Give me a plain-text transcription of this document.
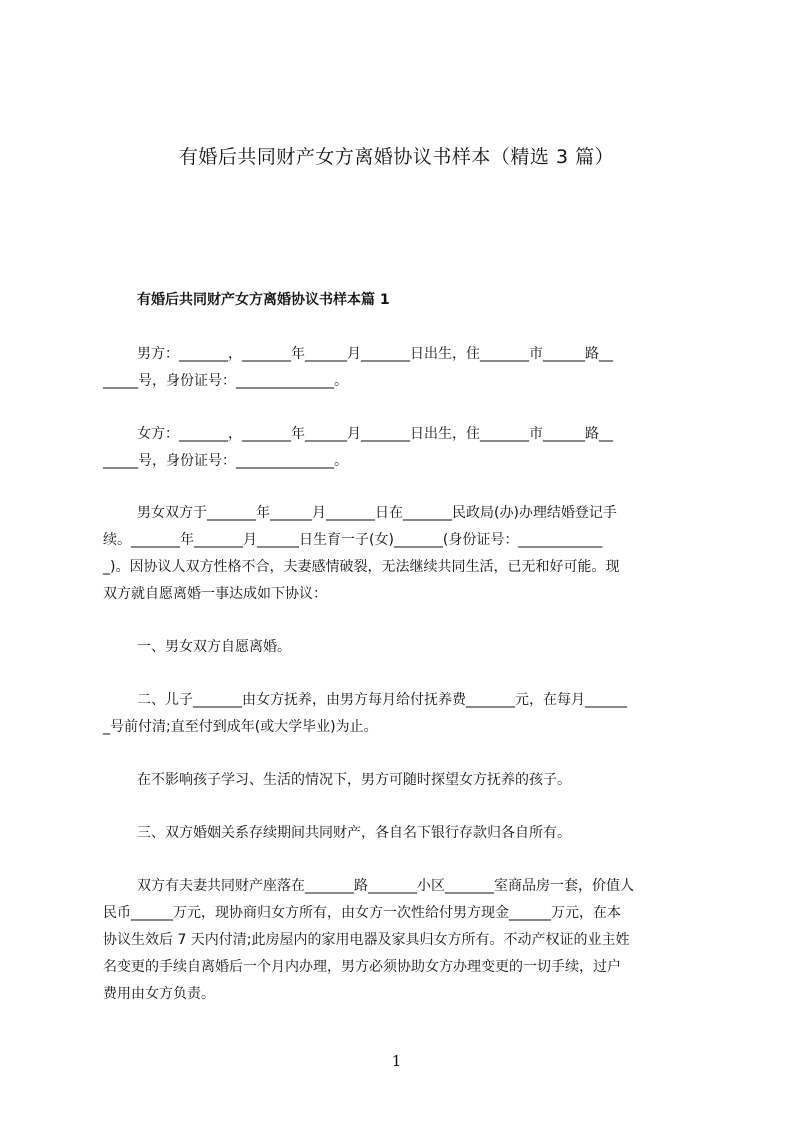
有婚后共同财产女方离婚协议书样本（精选 3 篇）
有婚后共同财产女方离婚协议书样本篇 1

男方：_______，_______年______月_______日出生，住_______市______路__
_____号，身份证号：______________。

女方：_______，_______年______月_______日出生，住_______市______路__
_____号，身份证号：______________。

男女双方于_______年______月_______日在_______民政局(办)办理结婚登记手
续。_______年_______月______日生育一子(女)_______(身份证号：____________
_)。因协议人双方性格不合，夫妻感情破裂，无法继续共同生活，已无和好可能。现
双方就自愿离婚一事达成如下协议：

一、男女双方自愿离婚。

二、儿子_______由女方抚养，由男方每月给付抚养费_______元，在每月______
_号前付清;直至付到成年(或大学毕业)为止。

在不影响孩子学习、生活的情况下，男方可随时探望女方抚养的孩子。

三、双方婚姻关系存续期间共同财产，各自名下银行存款归各自所有。

双方有夫妻共同财产座落在_______路_______小区_______室商品房一套，价值人
民币______万元，现协商归女方所有，由女方一次性给付男方现金______万元，在本
协议生效后 7 天内付清;此房屋内的家用电器及家具归女方所有。不动产权证的业主姓
名变更的手续自离婚后一个月内办理，男方必须协助女方办理变更的一切手续，过户
费用由女方负责。

1
